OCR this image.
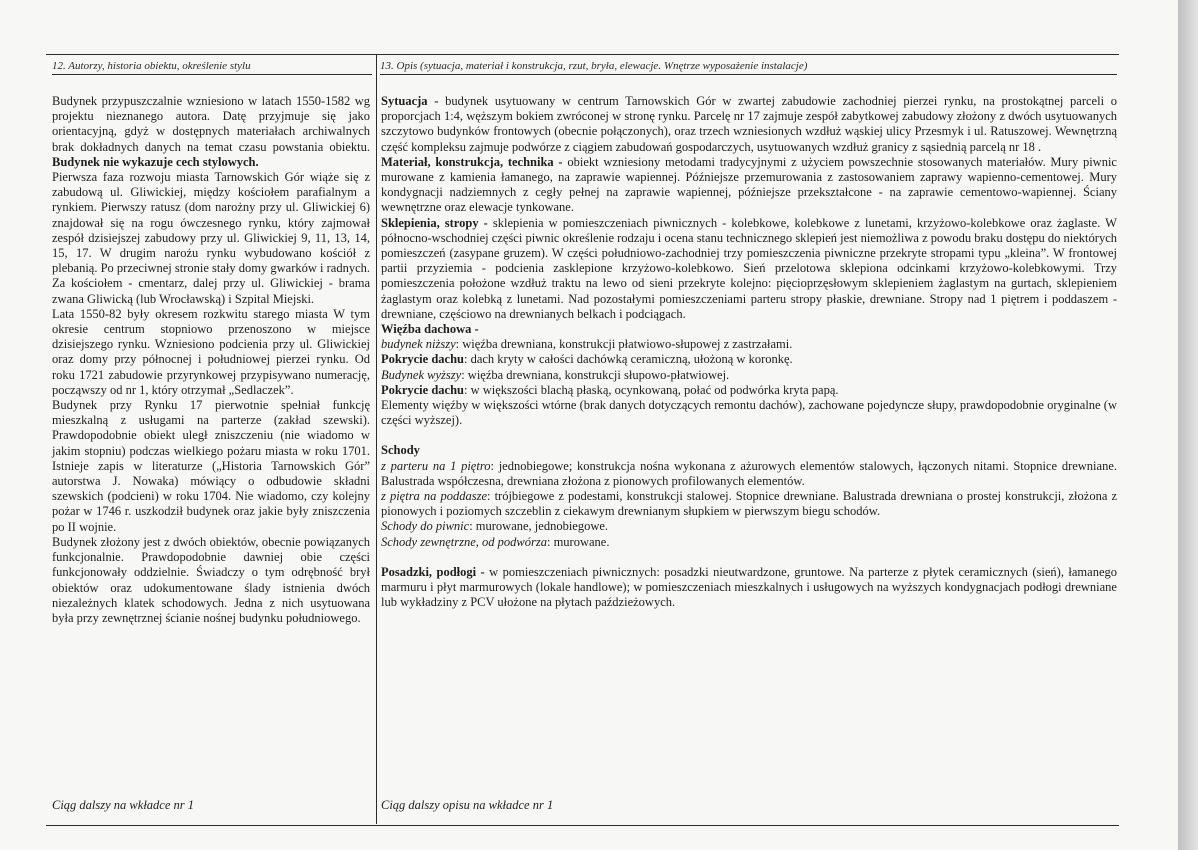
12. Autorzy, historia obiektu, określenie stylu	13. Opis (sytuacja, materiał i konstrukcja, rzut, bryła, elewacje. Wnętrze wyposażenie instalacje)

Budynek przypuszczalnie wzniesiono w latach 1550-1582 wg projektu nieznanego autora. Datę przyjmuje się jako orientacyjną, gdyż w dostępnych materiałach archiwalnych brak dokładnych danych na temat czasu powstania obiektu. Budynek nie wykazuje cech stylowych.

Pierwsza faza rozwoju miasta Tarnowskich Gór wiąże się z zabudową ul. Gliwickiej, między kościołem parafialnym a rynkiem. Pierwszy ratusz (dom narożny przy ul. Gliwickiej 6) znajdował się na rogu ówczesnego rynku, który zajmował zespół dzisiejszej zabudowy przy ul. Gliwickiej 9, 11, 13, 14, 15, 17. W drugim narożu rynku wybudowano kościół z plebanią. Po przeciwnej stronie stały domy gwarków i radnych. Za kościołem - cmentarz, dalej przy ul. Gliwickiej - brama zwana Gliwicką (lub Wrocławską) i Szpital Miejski.

Lata 1550-82 były okresem rozkwitu starego miasta W tym okresie centrum stopniowo przenoszono w miejsce dzisiejszego rynku. Wzniesiono podcienia przy ul. Gliwickiej oraz domy przy północnej i południowej pierzei rynku. Od roku 1721 zabudowie przyrynkowej przypisywano numerację, począwszy od nr 1, który otrzymał „Sedlaczek”.

Budynek przy Rynku 17 pierwotnie spełniał funkcję mieszkalną z usługami na parterze (zakład szewski). Prawdopodobnie obiekt uległ zniszczeniu (nie wiadomo w jakim stopniu) podczas wielkiego pożaru miasta w roku 1701. Istnieje zapis w literaturze („Historia Tarnowskich Gór” autorstwa J. Nowaka) mówiący o odbudowie składni szewskich (podcieni) w roku 1704. Nie wiadomo, czy kolejny pożar w 1746 r. uszkodził budynek oraz jakie były zniszczenia po II wojnie.

Budynek złożony jest z dwóch obiektów, obecnie powiązanych funkcjonalnie. Prawdopodobnie dawniej obie części funkcjonowały oddzielnie. Świadczy o tym odrębność brył obiektów oraz udokumentowane ślady istnienia dwóch niezależnych klatek schodowych. Jedna z nich usytuowana była przy zewnętrznej ścianie nośnej budynku południowego.

Sytuacja - budynek usytuowany w centrum Tarnowskich Gór w zwartej zabudowie zachodniej pierzei rynku, na prostokątnej parceli o proporcjach 1:4, węższym bokiem zwróconej w stronę rynku. Parcelę nr 17 zajmuje zespół zabytkowej zabudowy złożony z dwóch usytuowanych szczytowo budynków frontowych (obecnie połączonych), oraz trzech wzniesionych wzdłuż wąskiej ulicy Przesmyk i ul. Ratuszowej. Wewnętrzną część kompleksu zajmuje podwórze z ciągiem zabudowań gospodarczych, usytuowanych wzdłuż granicy z sąsiednią parcelą nr 18 .

Materiał, konstrukcja, technika - obiekt wzniesiony metodami tradycyjnymi z użyciem powszechnie stosowanych materiałów. Mury piwnic murowane z kamienia łamanego, na zaprawie wapiennej. Późniejsze przemurowania z zastosowaniem zaprawy wapienno-cementowej. Mury kondygnacji nadziemnych z cegły pełnej na zaprawie wapiennej, późniejsze przekształcone - na zaprawie cementowo-wapiennej. Ściany wewnętrzne oraz elewacje tynkowane.

Sklepienia, stropy - sklepienia w pomieszczeniach piwnicznych - kolebkowe, kolebkowe z lunetami, krzyżowo-kolebkowe oraz żaglaste. W północno-wschodniej części piwnic określenie rodzaju i ocena stanu technicznego sklepień jest niemożliwa z powodu braku dostępu do niektórych pomieszczeń (zasypane gruzem). W części południowo-zachodniej trzy pomieszczenia piwniczne przekryte stropami typu „kleina”. W frontowej partii przyziemia - podcienia zasklepione krzyżowo-kolebkowo. Sień przelotowa sklepiona odcinkami krzyżowo-kolebkowymi. Trzy pomieszczenia położone wzdłuż traktu na lewo od sieni przekryte kolejno: pięcioprzęsłowym sklepieniem żaglastym na gurtach, sklepieniem żaglastym oraz kolebką z lunetami. Nad pozostałymi pomieszczeniami parteru stropy płaskie, drewniane. Stropy nad 1 piętrem i poddaszem - drewniane, częściowo na drewnianych belkach i podciągach.

Więźba dachowa -

budynek niższy: więźba drewniana, konstrukcji płatwiowo-słupowej z zastrzałami.

Pokrycie dachu: dach kryty w całości dachówką ceramiczną, ułożoną w koronkę.

Budynek wyższy: więźba drewniana, konstrukcji słupowo-płatwiowej.

Pokrycie dachu: w większości blachą płaską, ocynkowaną, połać od podwórka kryta papą.

Elementy więźby w większości wtórne (brak danych dotyczących remontu dachów), zachowane pojedyncze słupy, prawdopodobnie oryginalne (w części wyższej).

Schody

z parteru na 1 piętro: jednobiegowe; konstrukcja nośna wykonana z ażurowych elementów stalowych, łączonych nitami. Stopnice drewniane. Balustrada współczesna, drewniana złożona z pionowych profilowanych elementów.

z piętra na poddasze: trójbiegowe z podestami, konstrukcji stalowej. Stopnice drewniane. Balustrada drewniana o prostej konstrukcji, złożona z pionowych i poziomych szczeblin z ciekawym drewnianym słupkiem w pierwszym biegu schodów.

Schody do piwnic: murowane, jednobiegowe.

Schody zewnętrzne, od podwórza: murowane.

Posadzki, podłogi - w pomieszczeniach piwnicznych: posadzki nieutwardzone, gruntowe. Na parterze z płytek ceramicznych (sień), łamanego marmuru i płyt marmurowych (lokale handlowe); w pomieszczeniach mieszkalnych i usługowych na wyższych kondygnacjach podłogi drewniane lub wykładziny z PCV ułożone na płytach paździeżowych.

Ciąg dalszy na wkładce nr 1	Ciąg dalszy opisu na wkładce nr 1
